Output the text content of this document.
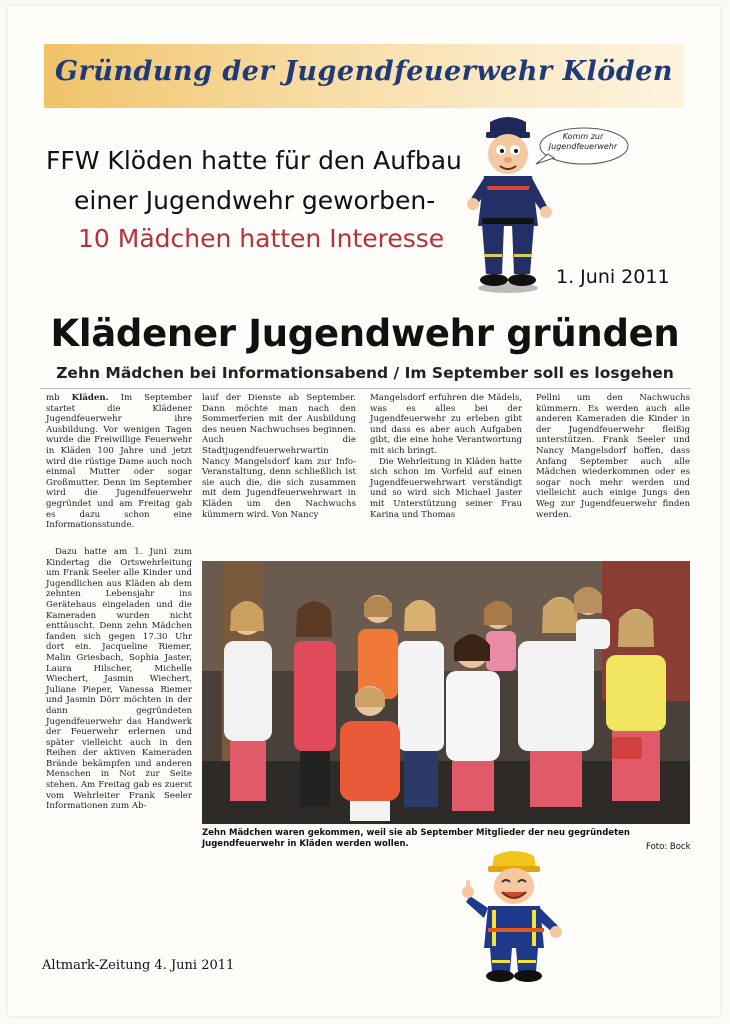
Gründung der Jugendfeuerwehr Klöden
FFW Klöden hatte für den Aufbau
einer Jugendwehr geworben-
10 Mädchen hatten Interesse
Komm zur Jugendfeuerwehr
1. Juni 2011
Klädener Jugendwehr gründen
Zehn Mädchen bei Informationsabend / Im September soll es losgehen

mb Kläden. Im September startet die Klädener Jugendfeuerwehr ihre Ausbildung. Vor wenigen Tagen wurde die Freiwillige Feuerwehr in Kläden 100 Jahre und jetzt wird die rüstige Dame auch noch einmal Mutter oder sogar Großmutter. Denn im September wird die Jugendfeuerwehr gegründet und am Freitag gab es dazu schon eine Informationsstunde.

Dazu hatte am 1. Juni zum Kindertag die Ortswehrleitung um Frank Seeler alle Kinder und Jugendlichen aus Kläden ab dem zehnten Lebensjahr ins Gerätehaus eingeladen und die Kameraden wurden nicht enttäuscht. Denn zehn Mädchen fanden sich gegen 17.30 Uhr dort ein. Jacqueline Riemer, Malin Griesbach, Sophia Jaster, Laura Hilscher, Michelle Wiechert, Jasmin Wiechert, Juliane Pieper, Vanessa Riemer und Jasmin Dörr möchten in der dann gegründeten Jugendfeuerwehr das Handwerk der Feuerwehr erlernen und später vielleicht auch in den Reihen der aktiven Kameraden Brände bekämpfen und anderen Menschen in Not zur Seite stehen. Am Freitag gab es zuerst vom Wehrleiter Frank Seeler Informationen zum Ab-

lauf der Dienste ab September. Dann möchte man nach den Sommerferien mit der Ausbildung des neuen Nachwuchses beginnen. Auch die Stadtjugendfeuerwehrwartin Nancy Mangelsdorf kam zur Info-Veranstaltung, denn schließlich ist sie auch die, die sich zusammen mit dem Jugendfeuerwehrwart in Kläden um den Nachwuchs kümmern wird. Von Nancy

Mangelsdorf erfuhren die Mädels, was es alles bei der Jugendfeuerwehr zu erleben gibt und dass es aber auch Aufgaben gibt, die eine hohe Verantwortung mit sich bringt.

Die Wehrleitung in Kläden hatte sich schon im Vorfeld auf einen Jugendfeuerwehrwart verständigt und so wird sich Michael Jaster mit Unterstützung seiner Frau Karina und Thomas

Pellni um den Nachwuchs kümmern. Es werden auch alle anderen Kameraden die Kinder in der Jugendfeuerwehr fleißig unterstützen. Frank Seeler und Nancy Mangelsdorf hoffen, dass Anfang September auch alle Mädchen wiederkommen oder es sogar noch mehr werden und vielleicht auch einige Jungs den Weg zur Jugendfeuerwehr finden werden.

Zehn Mädchen waren gekommen, weil sie ab September Mitglieder der neu gegründeten Jugendfeuerwehr in Kläden werden wollen.	Foto: Bock
Altmark-Zeitung 4. Juni 2011
